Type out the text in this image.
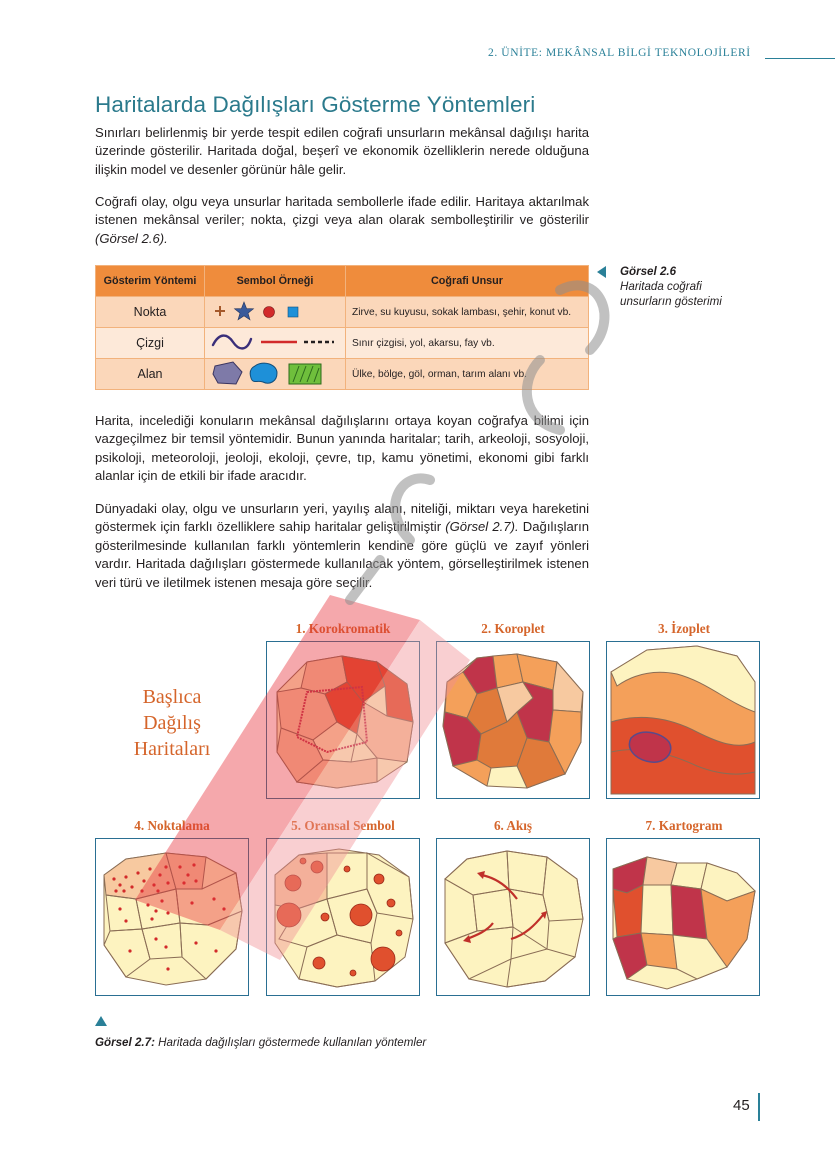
2. ÜNİTE: MEKÂNSAL BİLGİ TEKNOLOJİLERİ
Haritalarda Dağılışları Gösterme Yöntemleri
Sınırları belirlenmiş bir yerde tespit edilen coğrafi unsurların mekânsal dağılışı harita üzerinde gösterilir. Haritada doğal, beşerî ve ekonomik özelliklerin nerede olduğuna ilişkin model ve desenler görünür hâle gelir.
Coğrafi olay, olgu veya unsurlar haritada sembollerle ifade edilir. Haritaya aktarılmak istenen mekânsal veriler; nokta, çizgi veya alan olarak sembolleştirilir ve gösterilir (Görsel 2.6).
Gösterim Yöntemi	Sembol Örneği	Coğrafi Unsur
Nokta		Zirve, su kuyusu, sokak lambası, şehir, konut vb.
Çizgi		Sınır çizgisi, yol, akarsu, fay vb.
Alan		Ülke, bölge, göl, orman, tarım alanı vb.
Görsel 2.6
Haritada coğrafi
unsurların gösterimi
Harita, incelediği konuların mekânsal dağılışlarını ortaya koyan coğrafya bilimi için vazgeçilmez bir temsil yöntemidir. Bunun yanında haritalar; tarih, arkeoloji, sosyoloji, psikoloji, meteoroloji, jeoloji, ekoloji, çevre, tıp, kamu yönetimi, ekonomi gibi farklı alanlar için de etkili bir ifade aracıdır.
Dünyadaki olay, olgu ve unsurların yeri, yayılış alanı, niteliği, miktarı veya hareketini göstermek için farklı özelliklere sahip haritalar geliştirilmiştir (Görsel 2.7). Dağılışların gösterilmesinde kullanılan farklı yöntemlerin kendine göre güçlü ve zayıf yönleri vardır. Haritada dağılışları göstermede kullanılacak yöntem, görselleştirilmek istenen veri türü ve iletilmek istenen mesaja göre seçilir.
Başlıca
Dağılış
Haritaları
1. Korokromatik	2. Koroplet	3. İzoplet
4. Noktalama	5. Oransal Sembol	6. Akış	7. Kartogram
Görsel 2.7: Haritada dağılışları göstermede kullanılan yöntemler
45
